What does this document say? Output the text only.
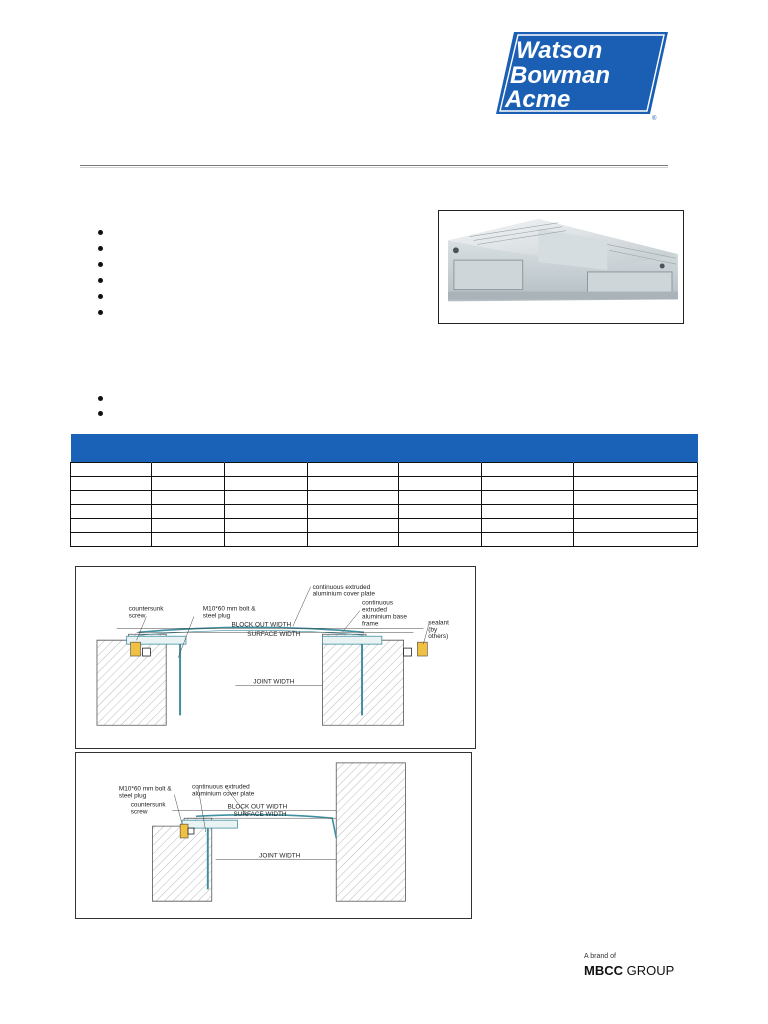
Watson
Bowman
Acme
®

countersunk
screw
M10*60 mm bolt &
steel plug
continuous extruded
aluminium cover plate
continuous
extruded
aluminium base
frame	sealant
(by
others)
BLOCK OUT WIDTH
SURFACE WIDTH
JOINT WIDTH
M10*60 mm bolt &
steel plug
countersunk
screw
continuous extruded
aluminium cover plate
BLOCK OUT WIDTH
SURFACE WIDTH
JOINT WIDTH
A brand of
MBCC GROUP
